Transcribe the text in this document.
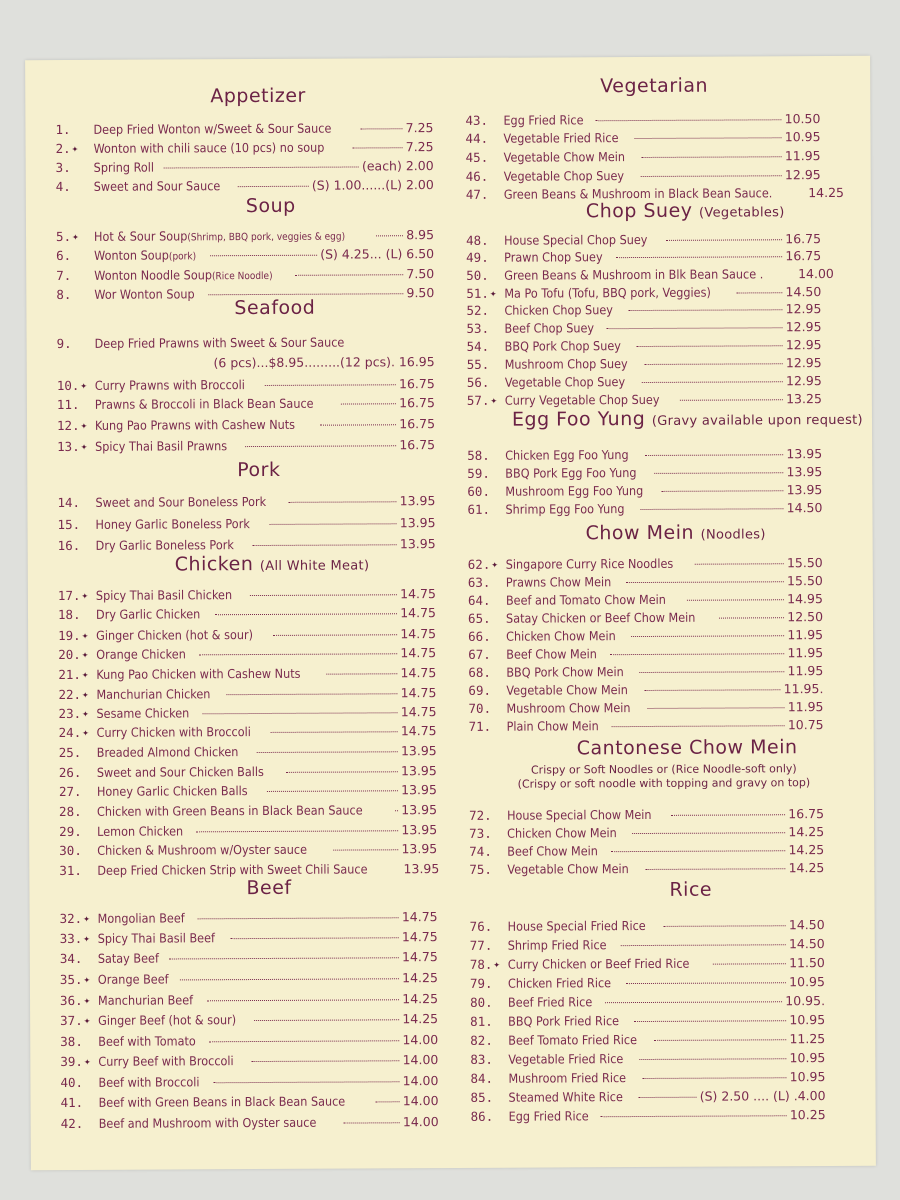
Appetizer
1. Deep Fried Wonton w/Sweet & Sour Sauce	7.25
2. ✦ Wonton with chili sauce (10 pcs) no soup	7.25
3. Spring Roll	(each) 2.00
4. Sweet and Sour Sauce	(S) 1.00......(L) 2.00
Soup
5. ✦ Hot & Sour Soup(Shrimp, BBQ pork, veggies & egg)	8.95
6. Wonton Soup(pork)	(S) 4.25... (L) 6.50
7. Wonton Noodle Soup(Rice Noodle)	7.50
8. Wor Wonton Soup	9.50
Seafood
9. Deep Fried Prawns with Sweet & Sour Sauce
(6 pcs)...$8.95.........(12 pcs). 16.95
10. ✦ Curry Prawns with Broccoli	16.75
11. Prawns & Broccoli in Black Bean Sauce	16.75
12. ✦ Kung Pao Prawns with Cashew Nuts	16.75
13. ✦ Spicy Thai Basil Prawns	16.75
Pork
14. Sweet and Sour Boneless Pork	13.95
15. Honey Garlic Boneless Pork	13.95
16. Dry Garlic Boneless Pork	13.95
Chicken (All White Meat)
17. ✦ Spicy Thai Basil Chicken	14.75
18. Dry Garlic Chicken	14.75
19. ✦ Ginger Chicken (hot & sour)	14.75
20. ✦ Orange Chicken	14.75
21. ✦ Kung Pao Chicken with Cashew Nuts	14.75
22. ✦ Manchurian Chicken	14.75
23. ✦ Sesame Chicken	14.75
24. ✦ Curry Chicken with Broccoli	14.75
25. Breaded Almond Chicken	13.95
26. Sweet and Sour Chicken Balls	13.95
27. Honey Garlic Chicken Balls	13.95
28. Chicken with Green Beans in Black Bean Sauce	13.95
29. Lemon Chicken	13.95
30. Chicken & Mushroom w/Oyster sauce	13.95
31. Deep Fried Chicken Strip with Sweet Chili Sauce	13.95
Beef
32. ✦ Mongolian Beef	14.75
33. ✦ Spicy Thai Basil Beef	14.75
34. Satay Beef	14.75
35. ✦ Orange Beef	14.25
36. ✦ Manchurian Beef	14.25
37. ✦ Ginger Beef (hot & sour)	14.25
38. Beef with Tomato	14.00
39. ✦ Curry Beef with Broccoli	14.00
40. Beef with Broccoli	14.00
41. Beef with Green Beans in Black Bean Sauce	14.00
42. Beef and Mushroom with Oyster sauce	14.00
Vegetarian
43. Egg Fried Rice	10.50
44. Vegetable Fried Rice	10.95
45. Vegetable Chow Mein	11.95
46. Vegetable Chop Suey	12.95
47. Green Beans & Mushroom in Black Bean Sauce.	14.25
Chop Suey (Vegetables)
48. House Special Chop Suey	16.75
49. Prawn Chop Suey	16.75
50. Green Beans & Mushroom in Blk Bean Sauce .	14.00
51. ✦ Ma Po Tofu (Tofu, BBQ pork, Veggies)	14.50
52. Chicken Chop Suey	12.95
53. Beef Chop Suey	12.95
54. BBQ Pork Chop Suey	12.95
55. Mushroom Chop Suey	12.95
56. Vegetable Chop Suey	12.95
57. ✦ Curry Vegetable Chop Suey	13.25
Egg Foo Yung (Gravy available upon request)
58. Chicken Egg Foo Yung	13.95
59. BBQ Pork Egg Foo Yung	13.95
60. Mushroom Egg Foo Yung	13.95
61. Shrimp Egg Foo Yung	14.50
Chow Mein (Noodles)
62. ✦ Singapore Curry Rice Noodles	15.50
63. Prawns Chow Mein	15.50
64. Beef and Tomato Chow Mein	14.95
65. Satay Chicken or Beef Chow Mein	12.50
66. Chicken Chow Mein	11.95
67. Beef Chow Mein	11.95
68. BBQ Pork Chow Mein	11.95
69. Vegetable Chow Mein	11.95.
70. Mushroom Chow Mein	11.95
71. Plain Chow Mein	10.75
Cantonese Chow Mein
Crispy or Soft Noodles or (Rice Noodle-soft only)
(Crispy or soft noodle with topping and gravy on top)
72. House Special Chow Mein	16.75
73. Chicken Chow Mein	14.25
74. Beef Chow Mein	14.25
75. Vegetable Chow Mein	14.25
Rice
76. House Special Fried Rice	14.50
77. Shrimp Fried Rice	14.50
78. ✦ Curry Chicken or Beef Fried Rice	11.50
79. Chicken Fried Rice	10.95
80. Beef Fried Rice	10.95.
81. BBQ Pork Fried Rice	10.95
82. Beef Tomato Fried Rice	11.25
83. Vegetable Fried Rice	10.95
84. Mushroom Fried Rice	10.95
85. Steamed White Rice	(S) 2.50 .... (L) .4.00
86. Egg Fried Rice	10.25
